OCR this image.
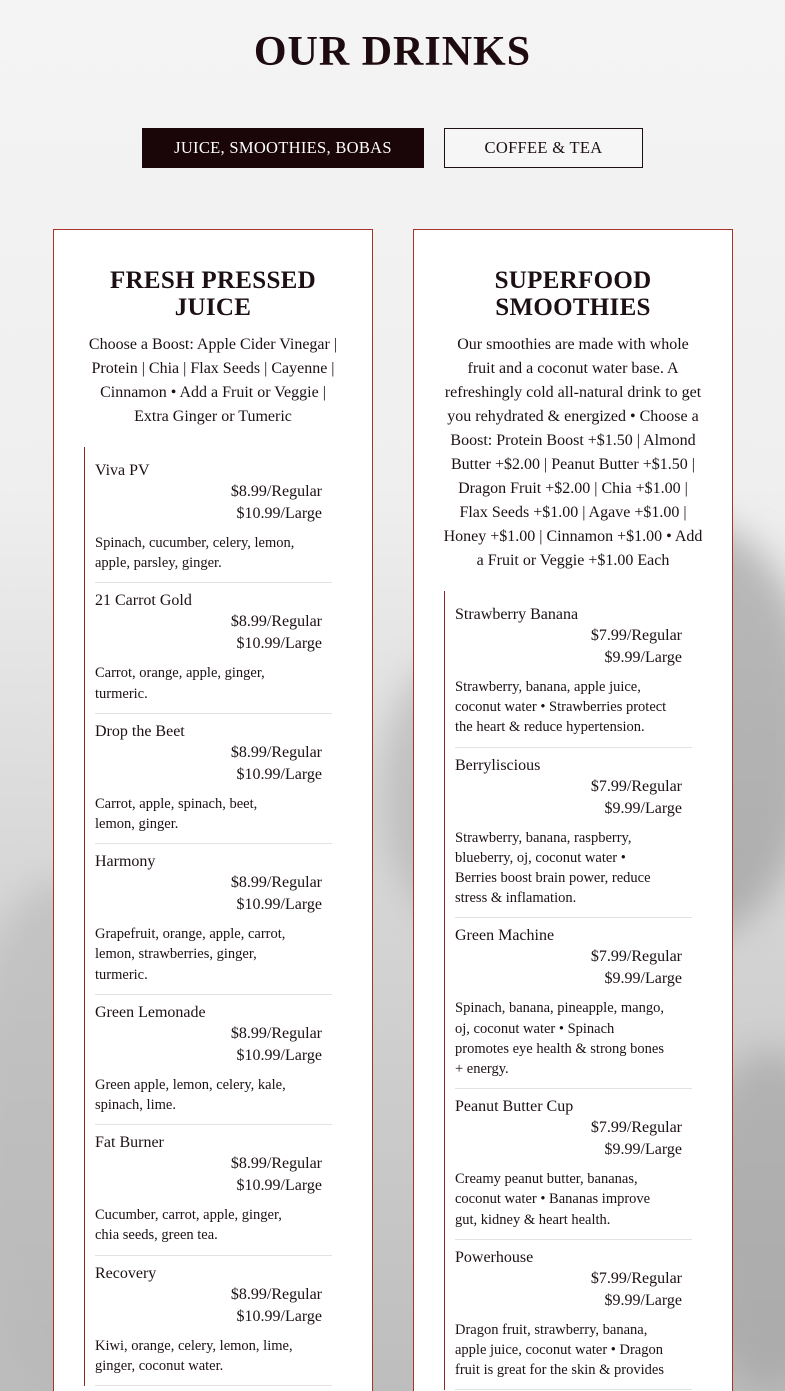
OUR DRINKS
JUICE, SMOOTHIES, BOBAS	COFFEE & TEA
FRESH PRESSED JUICE

Choose a Boost: Apple Cider Vinegar | Protein | Chia | Flax Seeds | Cayenne | Cinnamon • Add a Fruit or Veggie | Extra Ginger or Tumeric

Viva PV
$8.99/Regular
$10.99/Large
Spinach, cucumber, celery, lemon, apple, parsley, ginger.
21 Carrot Gold
$8.99/Regular
$10.99/Large
Carrot, orange, apple, ginger, turmeric.
Drop the Beet
$8.99/Regular
$10.99/Large
Carrot, apple, spinach, beet, lemon, ginger.
Harmony
$8.99/Regular
$10.99/Large
Grapefruit, orange, apple, carrot, lemon, strawberries, ginger, turmeric.
Green Lemonade
$8.99/Regular
$10.99/Large
Green apple, lemon, celery, kale, spinach, lime.
Fat Burner
$8.99/Regular
$10.99/Large
Cucumber, carrot, apple, ginger, chia seeds, green tea.
Recovery
$8.99/Regular
$10.99/Large
Kiwi, orange, celery, lemon, lime, ginger, coconut water.
SUPERFOOD SMOOTHIES

Our smoothies are made with whole fruit and a coconut water base. A refreshingly cold all-natural drink to get you rehydrated & energized • Choose a Boost: Protein Boost +$1.50 | Almond Butter +$2.00 | Peanut Butter +$1.50 | Dragon Fruit +$2.00 | Chia +$1.00 | Flax Seeds +$1.00 | Agave +$1.00 | Honey +$1.00 | Cinnamon +$1.00 • Add a Fruit or Veggie +$1.00 Each

Strawberry Banana
$7.99/Regular
$9.99/Large
Strawberry, banana, apple juice, coconut water • Strawberries protect the heart & reduce hypertension.
Berryliscious
$7.99/Regular
$9.99/Large
Strawberry, banana, raspberry, blueberry, oj, coconut water • Berries boost brain power, reduce stress & inflamation.
Green Machine
$7.99/Regular
$9.99/Large
Spinach, banana, pineapple, mango, oj, coconut water • Spinach promotes eye health & strong bones + energy.
Peanut Butter Cup
$7.99/Regular
$9.99/Large
Creamy peanut butter, bananas, coconut water • Bananas improve gut, kidney & heart health.
Powerhouse
$7.99/Regular
$9.99/Large
Dragon fruit, strawberry, banana, apple juice, coconut water • Dragon fruit is great for the skin & provides
